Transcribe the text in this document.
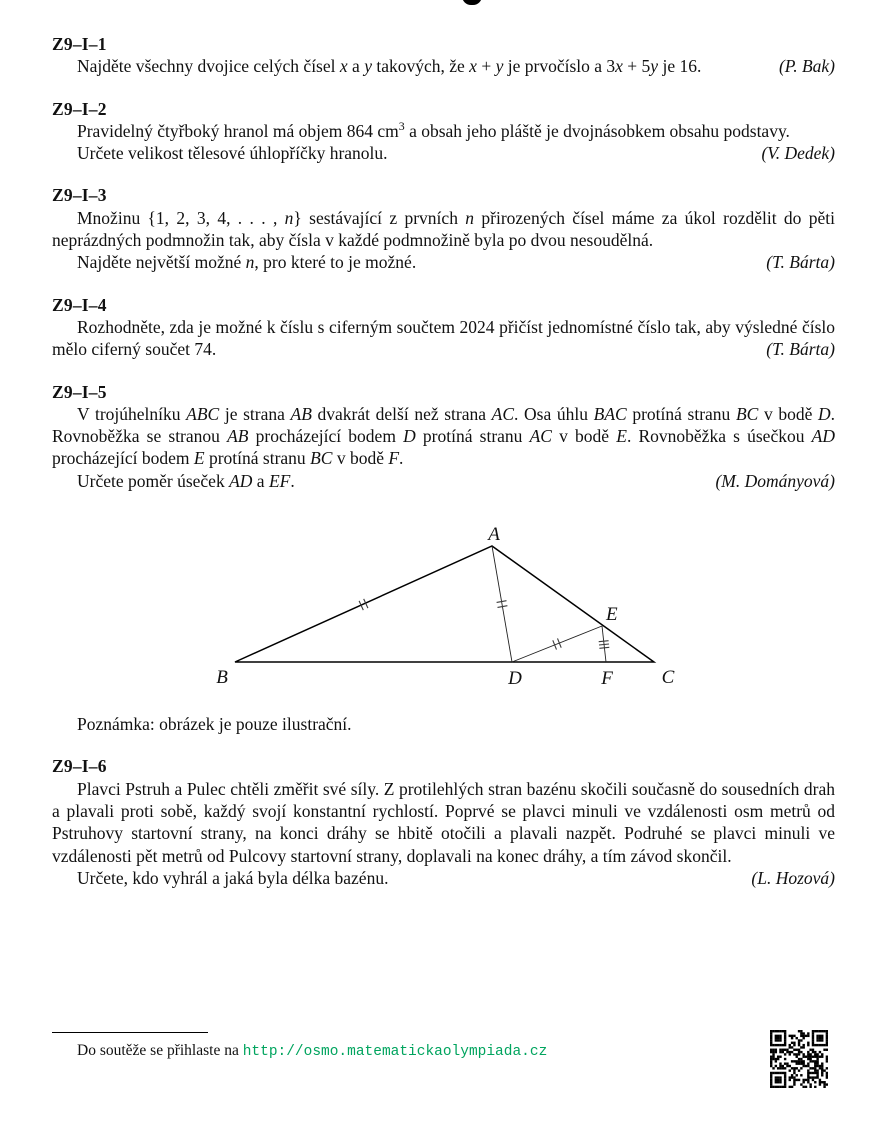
Z9–I–1

Najděte všechny dvojice celých čísel x a y takových, že x + y je prvočíslo a 3x + 5y je 16.	(P. Bak)

Z9–I–2

Pravidelný čtyřboký hranol má objem 864 $cm^3$ a obsah jeho pláště je dvojnásobkem obsahu podstavy.

Určete velikost tělesové úhlopříčky hranolu.	(V. Dedek)

Z9–I–3

Množinu {1, 2, 3, 4, . . . , n} sestávající z prvních n přirozených čísel máme za úkol rozdělit do pěti neprázdných podmnožin tak, aby čísla v každé podmnožině byla po dvou nesoudělná.

Najděte největší možné n, pro které to je možné.	(T. Bárta)

Z9–I–4

Rozhodněte, zda je možné k číslu s ciferným součtem 2024 přičíst jednomístné číslo tak, aby výsledné číslo mělo ciferný součet 74.	(T. Bárta)

Z9–I–5

V trojúhelníku ABC je strana AB dvakrát delší než strana AC. Osa úhlu BAC protíná stranu BC v bodě D. Rovnoběžka se stranou AB procházející bodem D protíná stranu AC v bodě E. Rovnoběžka s úsečkou AD procházející bodem E protíná stranu BC v bodě F.

Určete poměr úseček AD a EF.	(M. Dományová)

A
B	C
D
E
F

Poznámka: obrázek je pouze ilustrační.

Z9–I–6

Plavci Pstruh a Pulec chtěli změřit své síly. Z protilehlých stran bazénu skočili současně do sousedních drah a plavali proti sobě, každý svojí konstantní rychlostí. Poprvé se plavci minuli ve vzdálenosti osm metrů od Pstruhovy startovní strany, na konci dráhy se hbitě otočili a plavali nazpět. Podruhé se plavci minuli ve vzdálenosti pět metrů od Pulcovy startovní strany, doplavali na konec dráhy, a tím závod skončil.

Určete, kdo vyhrál a jaká byla délka bazénu.	(L. Hozová)

Do soutěže se přihlaste na http://osmo.matematickaolympiada.cz
